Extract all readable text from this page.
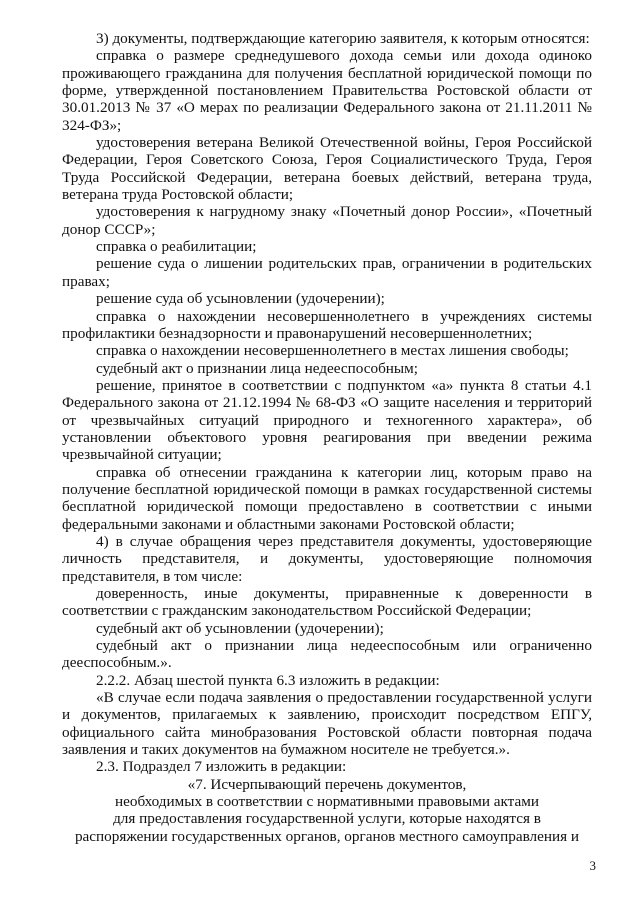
3) документы, подтверждающие категорию заявителя, к которым относятся:

справка о размере среднедушевого дохода семьи или дохода одиноко проживающего гражданина для получения бесплатной юридической помощи по форме, утвержденной постановлением Правительства Ростовской области от 30.01.2013 № 37 «О мерах по реализации Федерального закона от 21.11.2011 № 324-ФЗ»;

удостоверения ветерана Великой Отечественной войны, Героя Российской Федерации, Героя Советского Союза, Героя Социалистического Труда, Героя Труда Российской Федерации, ветерана боевых действий, ветерана труда, ветерана труда Ростовской области;

удостоверения к нагрудному знаку «Почетный донор России», «Почетный донор СССР»;

справка о реабилитации;

решение суда о лишении родительских прав, ограничении в родительских правах;

решение суда об усыновлении (удочерении);

справка о нахождении несовершеннолетнего в учреждениях системы профилактики безнадзорности и правонарушений несовершеннолетних;

справка о нахождении несовершеннолетнего в местах лишения свободы;

судебный акт о признании лица недееспособным;

решение, принятое в соответствии с подпунктом «а» пункта 8 статьи 4.1 Федерального закона от 21.12.1994 № 68-ФЗ «О защите населения и территорий от чрезвычайных ситуаций природного и техногенного характера», об установлении объектового уровня реагирования при введении режима чрезвычайной ситуации;

справка об отнесении гражданина к категории лиц, которым право на получение бесплатной юридической помощи в рамках государственной системы бесплатной юридической помощи предоставлено в соответствии с иными федеральными законами и областными законами Ростовской области;

4) в случае обращения через представителя документы, удостоверяющие личность представителя, и документы, удостоверяющие полномочия представителя, в том числе:

доверенность, иные документы, приравненные к доверенности в соответствии с гражданским законодательством Российской Федерации;

судебный акт об усыновлении (удочерении);

судебный акт о признании лица недееспособным или ограниченно дееспособным.».

2.2.2. Абзац шестой пункта 6.3 изложить в редакции:

«В случае если подача заявления о предоставлении государственной услуги и документов, прилагаемых к заявлению, происходит посредством ЕПГУ, официального сайта минобразования Ростовской области повторная подача заявления и таких документов на бумажном носителе не требуется.».

2.3. Подраздел 7 изложить в редакции:

«7. Исчерпывающий перечень документов,

необходимых в соответствии с нормативными правовыми актами

для предоставления государственной услуги, которые находятся в

распоряжении государственных органов, органов местного самоуправления и

3
